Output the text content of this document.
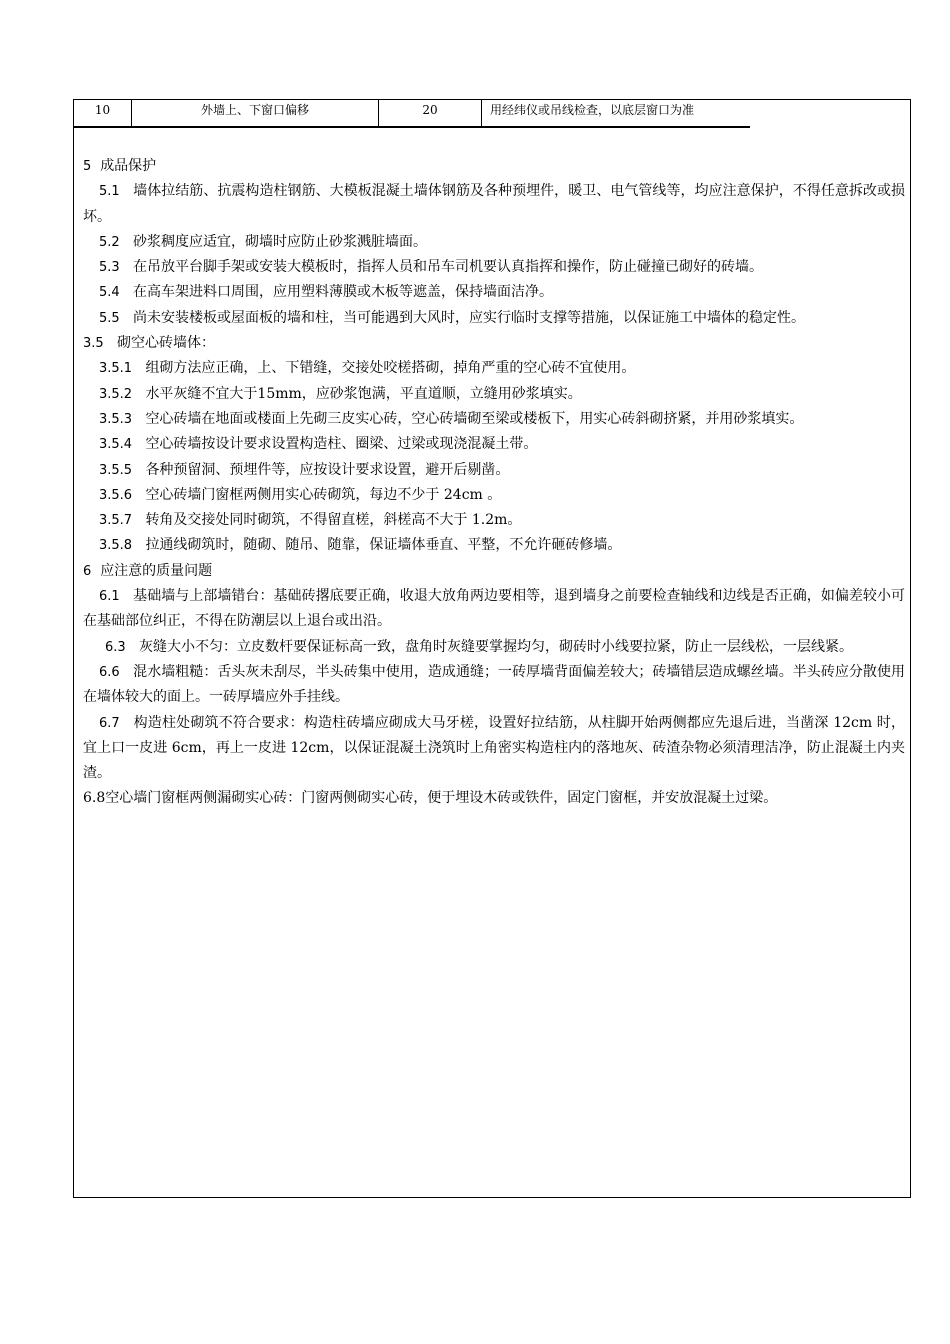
10	外墙上、下窗口偏移	20	用经纬仪或吊线检查，以底层窗口为准

5 成品保护

5.1 墙体拉结筋、抗震构造柱钢筋、大模板混凝土墙体钢筋及各种预埋件，暖卫、电气管线等，均应注意保护，不得任意拆改或损坏。

5.2 砂浆稠度应适宜，砌墙时应防止砂浆溅脏墙面。

5.3 在吊放平台脚手架或安装大模板时，指挥人员和吊车司机要认真指挥和操作，防止碰撞已砌好的砖墙。

5.4 在高车架进料口周围，应用塑料薄膜或木板等遮盖，保持墙面洁净。

5.5 尚未安装楼板或屋面板的墙和柱，当可能遇到大风时，应实行临时支撑等措施，以保证施工中墙体的稳定性。

3.5 砌空心砖墙体：

3.5.1 组砌方法应正确，上、下错缝，交接处咬槎搭砌，掉角严重的空心砖不宜使用。

3.5.2 水平灰缝不宜大于15mm，应砂浆饱满，平直道顺，立缝用砂浆填实。

3.5.3 空心砖墙在地面或楼面上先砌三皮实心砖，空心砖墙砌至梁或楼板下，用实心砖斜砌挤紧，并用砂浆填实。

3.5.4 空心砖墙按设计要求设置构造柱、圈梁、过梁或现浇混凝土带。

3.5.5 各种预留洞、预埋件等，应按设计要求设置，避开后剔凿。

3.5.6 空心砖墙门窗框两侧用实心砖砌筑，每边不少于 24cm 。

3.5.7 转角及交接处同时砌筑，不得留直槎，斜槎高不大于 1.2m。

3.5.8 拉通线砌筑时，随砌、随吊、随靠，保证墙体垂直、平整，不允许砸砖修墙。

6 应注意的质量问题

6.1 基础墙与上部墙错台：基础砖撂底要正确，收退大放角两边要相等，退到墙身之前要检查轴线和边线是否正确，如偏差较小可在基础部位纠正，不得在防潮层以上退台或出沿。

6.3 灰缝大小不匀：立皮数杆要保证标高一致，盘角时灰缝要掌握均匀，砌砖时小线要拉紧，防止一层线松，一层线紧。

6.6 混水墙粗糙：舌头灰未刮尽，半头砖集中使用，造成通缝；一砖厚墙背面偏差较大；砖墙错层造成螺丝墙。半头砖应分散使用在墙体较大的面上。一砖厚墙应外手挂线。

6.7 构造柱处砌筑不符合要求：构造柱砖墙应砌成大马牙槎，设置好拉结筋，从柱脚开始两侧都应先退后进，当凿深 12cm 时，宜上口一皮进 6cm，再上一皮进 12cm，以保证混凝土浇筑时上角密实构造柱内的落地灰、砖渣杂物必须清理洁净，防止混凝土内夹渣。

6.8空心墙门窗框两侧漏砌实心砖：门窗两侧砌实心砖，便于埋设木砖或铁件，固定门窗框，并安放混凝土过梁。
